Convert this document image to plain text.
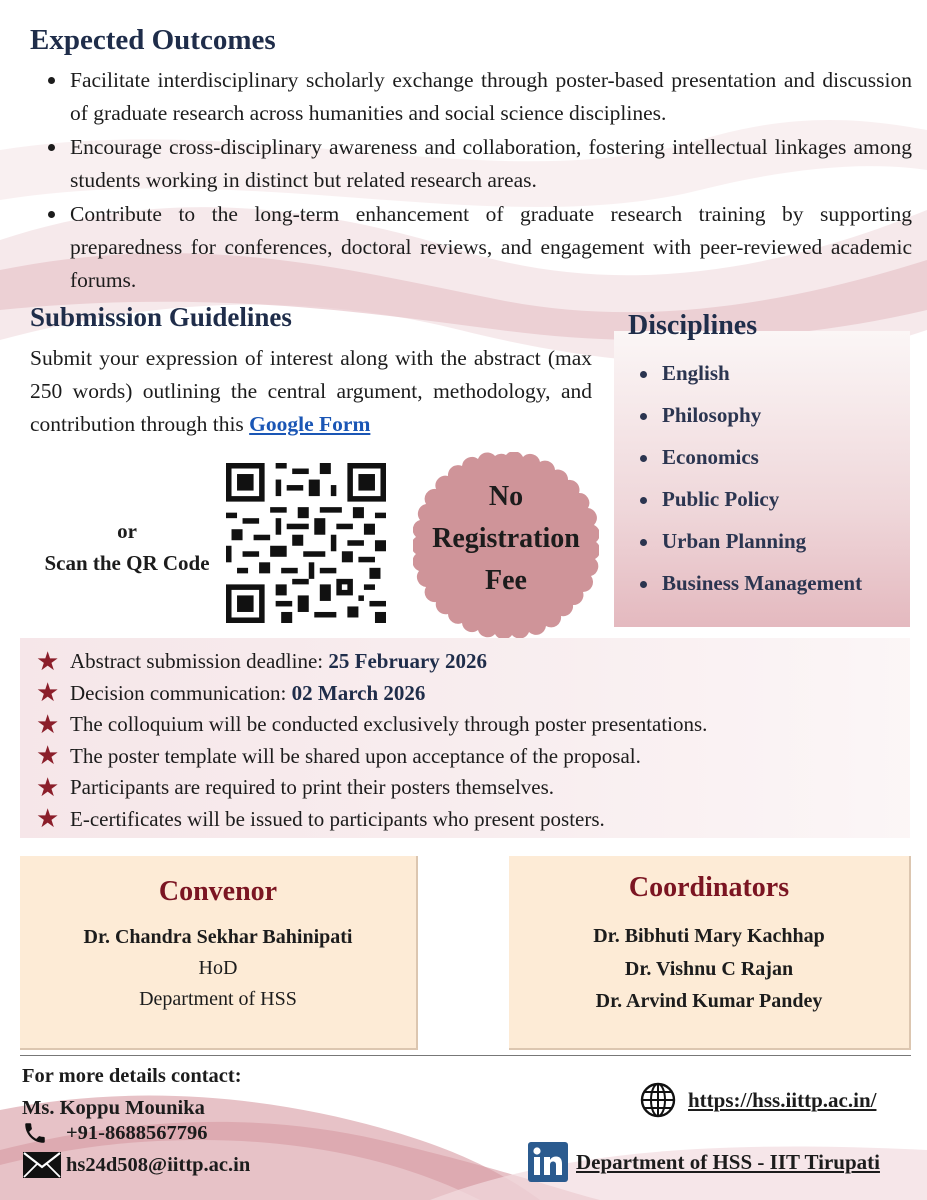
Expected Outcomes
Facilitate interdisciplinary scholarly exchange through poster-based presentation and discussion of graduate research across humanities and social science disciplines.
Encourage cross-disciplinary awareness and collaboration, fostering intellectual linkages among students working in distinct but related research areas.
Contribute to the long-term enhancement of graduate research training by supporting preparedness for conferences, doctoral reviews, and engagement with peer-reviewed academic forums.
Submission Guidelines
Submit your expression of interest along with the abstract (max 250 words) outlining the central argument, methodology, and contribution through this Google Form
or
Scan the QR Code
No
Registration
Fee
Disciplines
English
Philosophy
Economics
Public Policy
Urban Planning
Business Management
★ Abstract submission deadline:
25 February 2026
★ Decision communication:
02 March 2026
★ The colloquium will be conducted exclusively through poster presentations.
★ The poster template will be shared upon acceptance of the proposal.
★ Participants are required to print their posters themselves.
★ E-certificates will be issued to participants who present posters.
Convenor
Dr. Chandra Sekhar Bahinipati
HoD
Department of HSS
Coordinators
Dr. Bibhuti Mary Kachhap
Dr. Vishnu C Rajan
Dr. Arvind Kumar Pandey
For more details contact:
Ms. Koppu Mounika
+91-8688567796
hs24d508@iittp.ac.in
https://hss.iittp.ac.in/
Department of HSS - IIT Tirupati
